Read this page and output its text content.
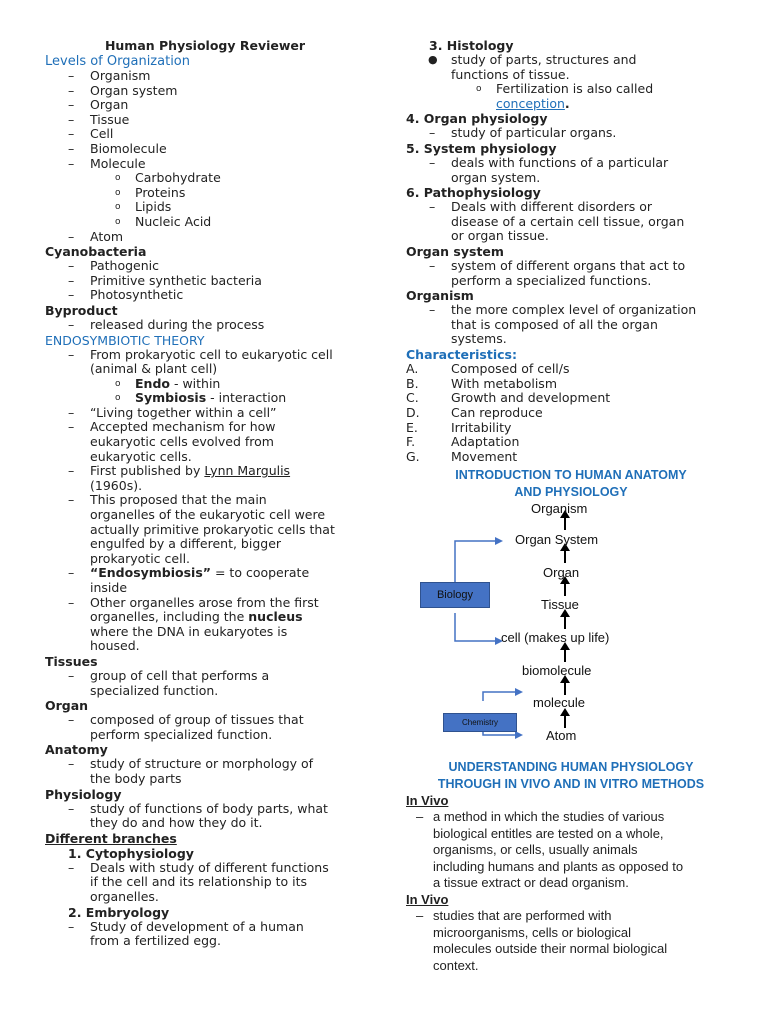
Human Physiology Reviewer
Levels of Organization
–	Organism
–	Organ system
–	Organ
–	Tissue
–	Cell
–	Biomolecule
–	Molecule
o	Carbohydrate
o	Proteins
o	Lipids
o	Nucleic Acid
–	Atom
Cyanobacteria
–	Pathogenic
–	Primitive synthetic bacteria
–	Photosynthetic
Byproduct
–	released during the process
ENDOSYMBIOTIC THEORY
– From prokaryotic cell to eukaryotic cell
(animal & plant cell)
o	Endo - within
o	Symbiosis - interaction
–	“Living together within a cell”
– Accepted mechanism for how
eukaryotic cells evolved from
eukaryotic cells.
– First published by Lynn Margulis
(1960s).
– This proposed that the main
organelles of the eukaryotic cell were
actually primitive prokaryotic cells that
engulfed by a different, bigger
prokaryotic cell.
– “Endosymbiosis” = to cooperate
inside
– Other organelles arose from the first
organelles, including the nucleus
where the DNA in eukaryotes is
housed.
Tissues
– group of cell that performs a
specialized function.
Organ
– composed of group of tissues that
perform specialized function.
Anatomy
– study of structure or morphology of
the body parts
Physiology
– study of functions of body parts, what
they do and how they do it.
Different branches
1. Cytophysiology
– Deals with study of different functions
if the cell and its relationship to its
organelles.
2. Embryology
– Study of development of a human
from a fertilized egg.
3. Histology
● study of parts, structures and
functions of tissue.
o Fertilization is also called
conception.
4. Organ physiology
–	study of particular organs.
5. System physiology
– deals with functions of a particular
organ system.
6. Pathophysiology
– Deals with different disorders or
disease of a certain cell tissue, organ
or organ tissue.
Organ system
– system of different organs that act to
perform a specialized functions.
Organism
– the more complex level of organization
that is composed of all the organ
systems.
Characteristics:
A.	Composed of cell/s
B.	With metabolism
C.	Growth and development
D.	Can reproduce
E.	Irritability
F.	Adaptation
G.	Movement
INTRODUCTION TO HUMAN ANATOMY
AND PHYSIOLOGY
Organism
Organ System
Organ
Tissue
cell (makes up life)
biomolecule
molecule
Atom
Biology
Chemistry
UNDERSTANDING HUMAN PHYSIOLOGY
THROUGH IN VIVO AND IN VITRO METHODS
In Vivo
– a method in which the studies of various
biological entitles are tested on a whole,
organisms, or cells, usually animals
including humans and plants as opposed to
a tissue extract or dead organism.
In Vivo
– studies that are performed with
microorganisms, cells or biological
molecules outside their normal biological
context.
